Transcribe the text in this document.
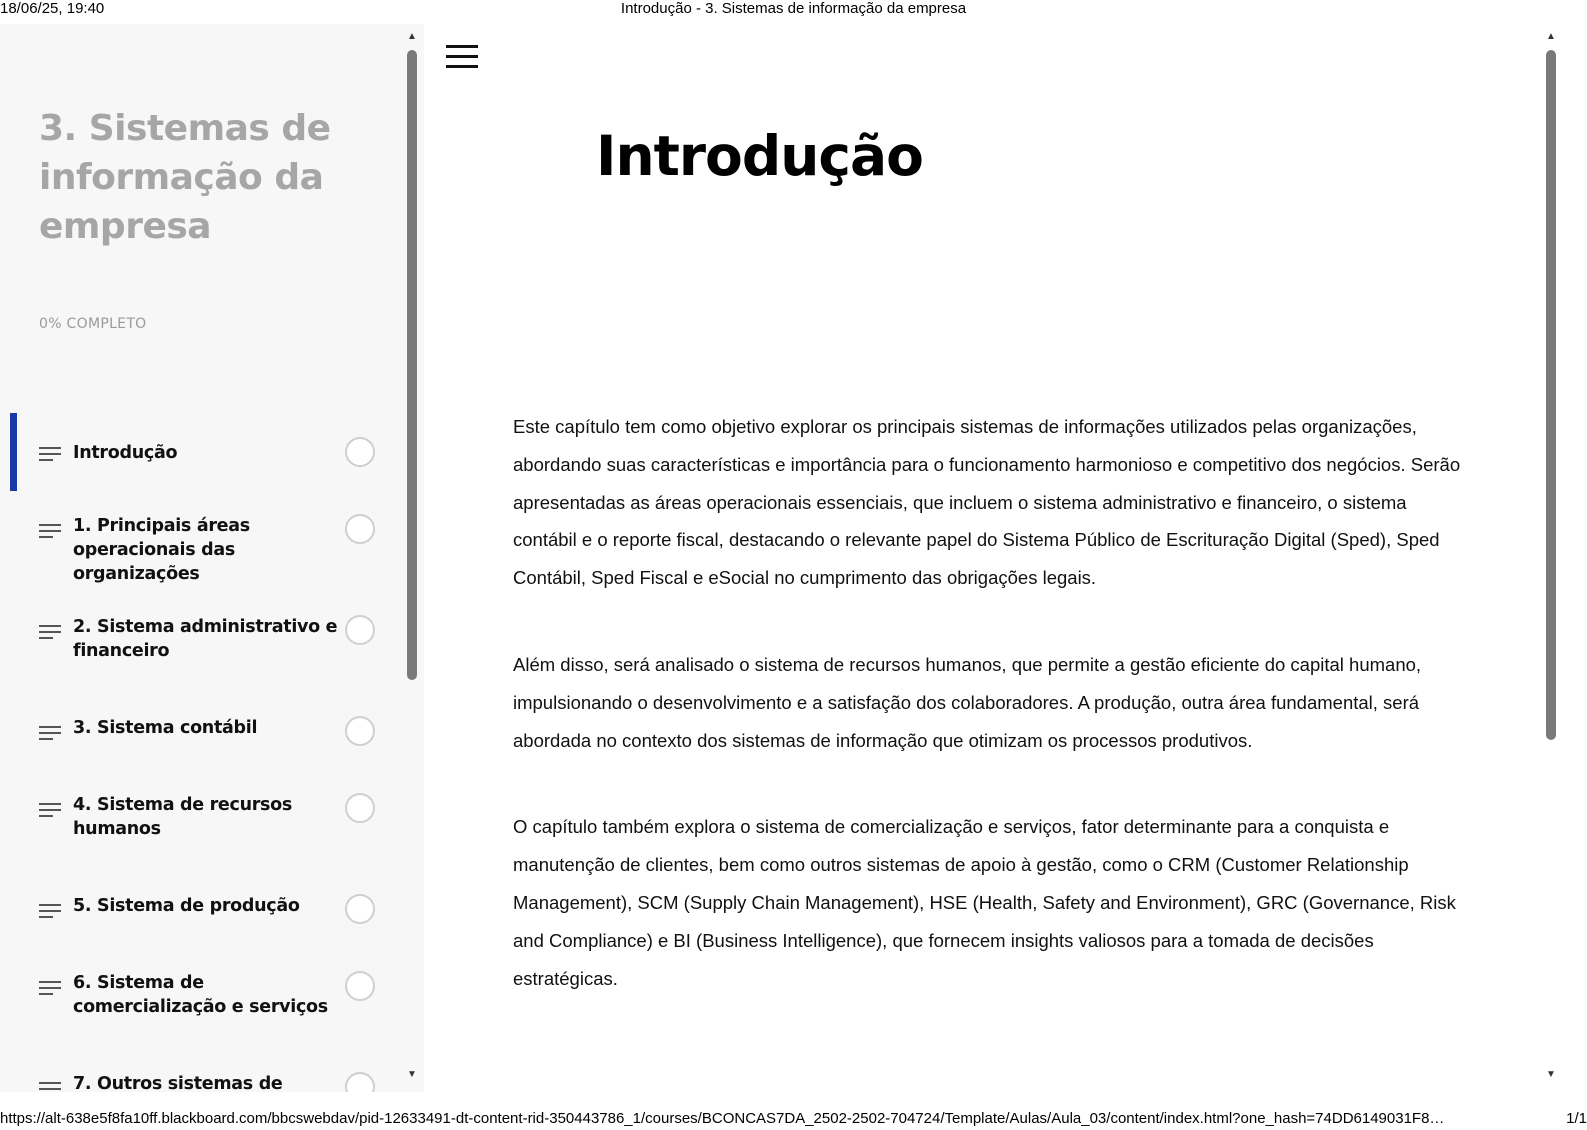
18/06/25, 19:40	Introdução - 3. Sistemas de informação da empresa
3. Sistemas de informação da empresa
0% COMPLETO
Introdução
1. Principais áreas operacionais das organizações
2. Sistema administrativo e financeiro
3. Sistema contábil
4. Sistema de recursos humanos
5. Sistema de produção
6. Sistema de comercialização e serviços
7. Outros sistemas de
▲
▼
Introdução

Este capítulo tem como objetivo explorar os principais sistemas de informações utilizados pelas organizações, abordando suas características e importância para o funcionamento harmonioso e competitivo dos negócios. Serão apresentadas as áreas operacionais essenciais, que incluem o sistema administrativo e financeiro, o sistema contábil e o reporte fiscal, destacando o relevante papel do Sistema Público de Escrituração Digital (Sped), Sped Contábil, Sped Fiscal e eSocial no cumprimento das obrigações legais.

Além disso, será analisado o sistema de recursos humanos, que permite a gestão eficiente do capital humano, impulsionando o desenvolvimento e a satisfação dos colaboradores. A produção, outra área fundamental, será abordada no contexto dos sistemas de informação que otimizam os processos produtivos.

O capítulo também explora o sistema de comercialização e serviços, fator determinante para a conquista e manutenção de clientes, bem como outros sistemas de apoio à gestão, como o CRM (Customer Relationship Management), SCM (Supply Chain Management), HSE (Health, Safety and Environment), GRC (Governance, Risk and Compliance) e BI (Business Intelligence), que fornecem insights valiosos para a tomada de decisões estratégicas.

▲
▼
https://alt-638e5f8fa10ff.blackboard.com/bbcswebdav/pid-12633491-dt-content-rid-350443786_1/courses/BCONCAS7DA_2502-2502-704724/Template/Aulas/Aula_03/content/index.html?one_hash=74DD6149031F8…	1/1
